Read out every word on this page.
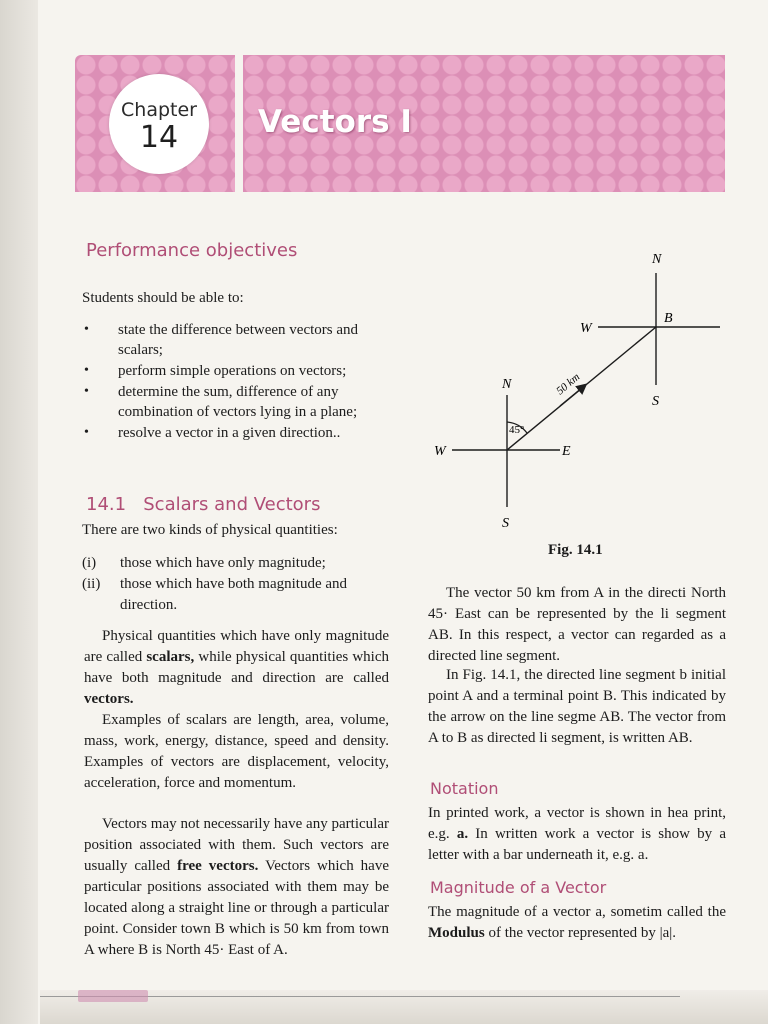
Chapter
14	Vectors I
Performance objectives
Students should be able to:
• state the difference between vectors and scalars;
• perform simple operations on vectors;
• determine the sum, difference of any combination of vectors lying in a plane;
• resolve a vector in a given direction..
14.1 Scalars and Vectors
There are two kinds of physical quantities:
(i) those which have only magnitude;
(ii) those which have both magnitude and direction.

Physical quantities which have only magnitude are called scalars, while physical quantities which have both magnitude and direction are called vectors.

Examples of scalars are length, area, volume, mass, work, energy, distance, speed and density. Examples of vectors are displacement, velocity, acceleration, force and momentum.

Vectors may not necessarily have any particular position associated with them. Such vectors are usually called free vectors. Vectors which have particular positions associated with them may be located along a straight line or through a particular point. Consider town B which is 50 km from town A where B is North 45· East of A.

N
B
W
S
50 km
N
45°
W	E
S
Fig. 14.1

The vector 50 km from A in the directi North 45· East can be represented by the li segment AB. In this respect, a vector can regarded as a directed line segment.

In Fig. 14.1, the directed line segment b initial point A and a terminal point B. This indicated by the arrow on the line segme AB. The vector from A to B as directed li segment, is written AB.

Notation

In printed work, a vector is shown in hea print, e.g. a. In written work a vector is show by a letter with a bar underneath it, e.g. a.

Magnitude of a Vector

The magnitude of a vector a, sometim called the Modulus of the vector represented by |a|.
